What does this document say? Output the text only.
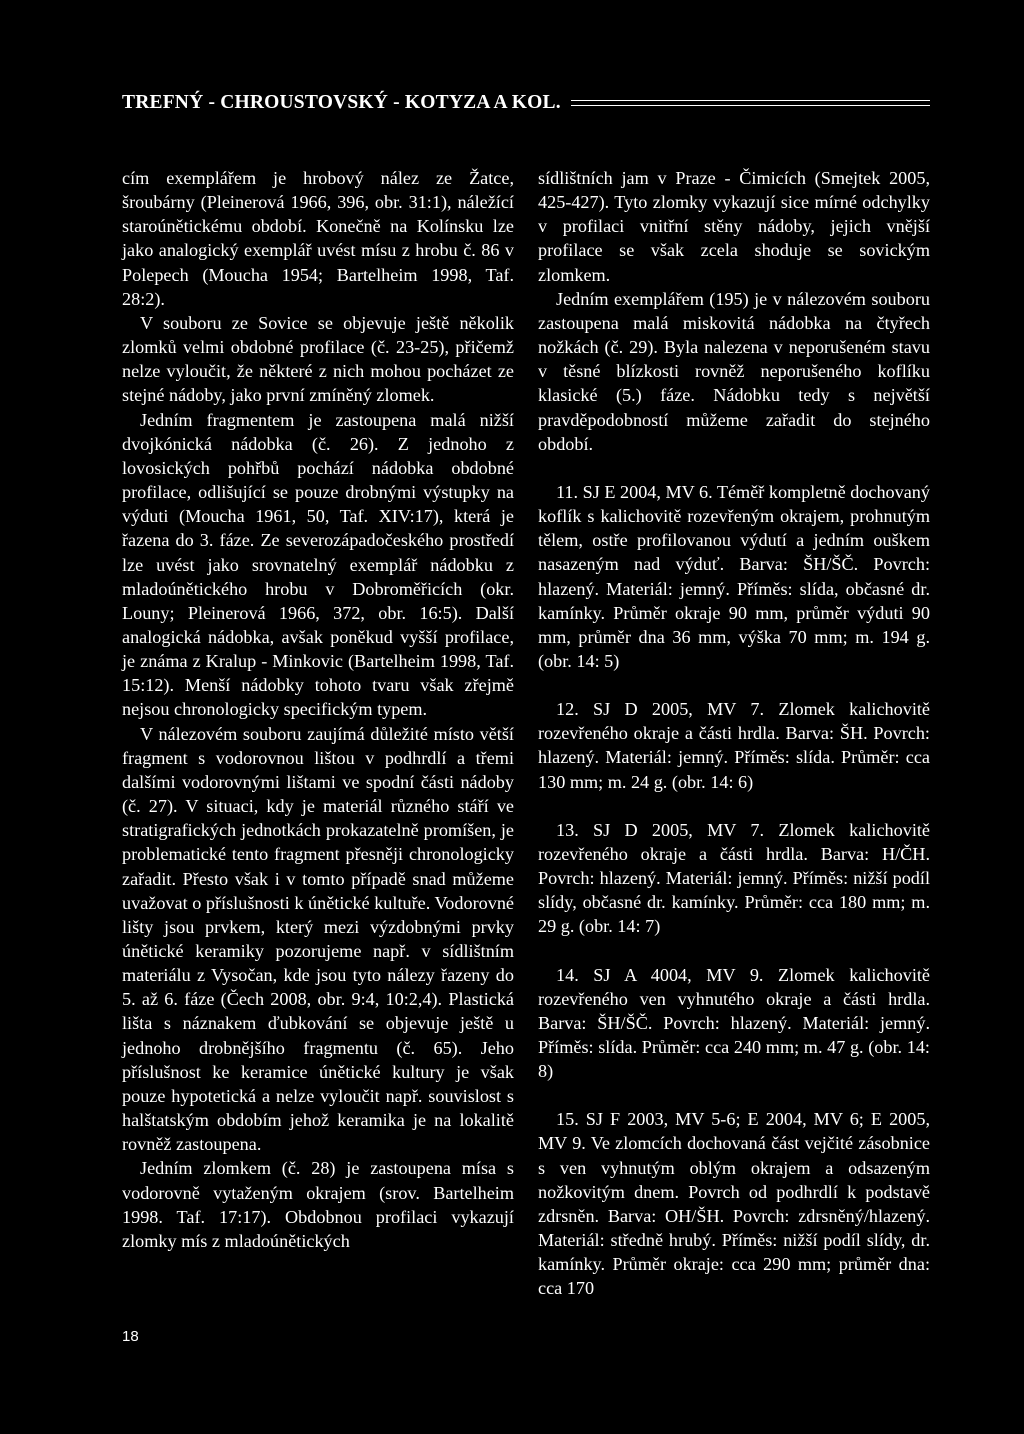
TREFNÝ - CHROUSTOVSKÝ - KOTYZA A KOL.

cím exemplářem je hrobový nález ze Žatce, šroubárny (Pleinerová 1966, 396, obr. 31:1), náležící staroúnětickému období. Konečně na Kolínsku lze jako analogický exemplář uvést mísu z hrobu č. 86 v Polepech (Moucha 1954; Bartelheim 1998, Taf. 28:2).

V souboru ze Sovice se objevuje ještě několik zlomků velmi obdobné profilace (č. 23-25), přičemž nelze vyloučit, že některé z nich mohou pocházet ze stejné nádoby, jako první zmíněný zlomek.

Jedním fragmentem je zastoupena malá nižší dvojkónická nádobka (č. 26). Z jednoho z lovosických pohřbů pochází nádobka obdobné profilace, odlišující se pouze drobnými výstupky na výduti (Moucha 1961, 50, Taf. XIV:17), která je řazena do 3. fáze. Ze severozápadočeského prostředí lze uvést jako srovnatelný exemplář nádobku z mladoúnětického hrobu v Dobroměřicích (okr. Louny; Pleinerová 1966, 372, obr. 16:5). Další analogická nádobka, avšak poněkud vyšší profilace, je známa z Kralup - Minkovic (Bartelheim 1998, Taf. 15:12). Menší nádobky tohoto tvaru však zřejmě nejsou chronologicky specifickým typem.

V nálezovém souboru zaujímá důležité místo větší fragment s vodorovnou lištou v podhrdlí a třemi dalšími vodorovnými lištami ve spodní části nádoby (č. 27). V situaci, kdy je materiál různého stáří ve stratigrafických jednotkách prokazatelně promíšen, je problematické tento fragment přesněji chronologicky zařadit. Přesto však i v tomto případě snad můžeme uvažovat o příslušnosti k únětické kultuře. Vodorovné lišty jsou prvkem, který mezi výzdobnými prvky únětické keramiky pozorujeme např. v sídlištním materiálu z Vysočan, kde jsou tyto nálezy řazeny do 5. až 6. fáze (Čech 2008, obr. 9:4, 10:2,4). Plastická lišta s náznakem ďubkování se objevuje ještě u jednoho drobnějšího fragmentu (č. 65). Jeho příslušnost ke keramice únětické kultury je však pouze hypotetická a nelze vyloučit např. souvislost s halštatským obdobím jehož keramika je na lokalitě rovněž zastoupena.

Jedním zlomkem (č. 28) je zastoupena mísa s vodorovně vytaženým okrajem (srov. Bartelheim 1998. Taf. 17:17). Obdobnou profilaci vykazují zlomky mís z mladoúnětických

sídlištních jam v Praze - Čimicích (Smejtek 2005, 425-427). Tyto zlomky vykazují sice mírné odchylky v profilaci vnitřní stěny nádoby, jejich vnější profilace se však zcela shoduje se sovickým zlomkem.

Jedním exemplářem (195) je v nálezovém souboru zastoupena malá miskovitá nádobka na čtyřech nožkách (č. 29). Byla nalezena v neporušeném stavu v těsné blízkosti rovněž neporušeného koflíku klasické (5.) fáze. Nádobku tedy s největší pravděpodobností můžeme zařadit do stejného období.

11. SJ E 2004, MV 6. Téměř kompletně dochovaný koflík s kalichovitě rozevřeným okrajem, prohnutým tělem, ostře profilovanou výdutí a jedním ouškem nasazeným nad výduť. Barva: ŠH/ŠČ. Povrch: hlazený. Materiál: jemný. Příměs: slída, občasné dr. kamínky. Průměr okraje 90 mm, průměr výduti 90 mm, průměr dna 36 mm, výška 70 mm; m. 194 g. (obr. 14: 5)

12. SJ D 2005, MV 7. Zlomek kalichovitě rozevřeného okraje a části hrdla. Barva: ŠH. Povrch: hlazený. Materiál: jemný. Příměs: slída. Průměr: cca 130 mm; m. 24 g. (obr. 14: 6)

13. SJ D 2005, MV 7. Zlomek kalichovitě rozevřeného okraje a části hrdla. Barva: H/ČH. Povrch: hlazený. Materiál: jemný. Příměs: nižší podíl slídy, občasné dr. kamínky. Průměr: cca 180 mm; m. 29 g. (obr. 14: 7)

14. SJ A 4004, MV 9. Zlomek kalichovitě rozevřeného ven vyhnutého okraje a části hrdla. Barva: ŠH/ŠČ. Povrch: hlazený. Materiál: jemný. Příměs: slída. Průměr: cca 240 mm; m. 47 g. (obr. 14: 8)

15. SJ F 2003, MV 5-6; E 2004, MV 6; E 2005, MV 9. Ve zlomcích dochovaná část vejčité zásobnice s ven vyhnutým oblým okrajem a odsazeným nožkovitým dnem. Povrch od podhrdlí k podstavě zdrsněn. Barva: OH/ŠH. Povrch: zdrsněný/hlazený. Materiál: středně hrubý. Příměs: nižší podíl slídy, dr. kamínky. Průměr okraje: cca 290 mm; průměr dna: cca 170

18
